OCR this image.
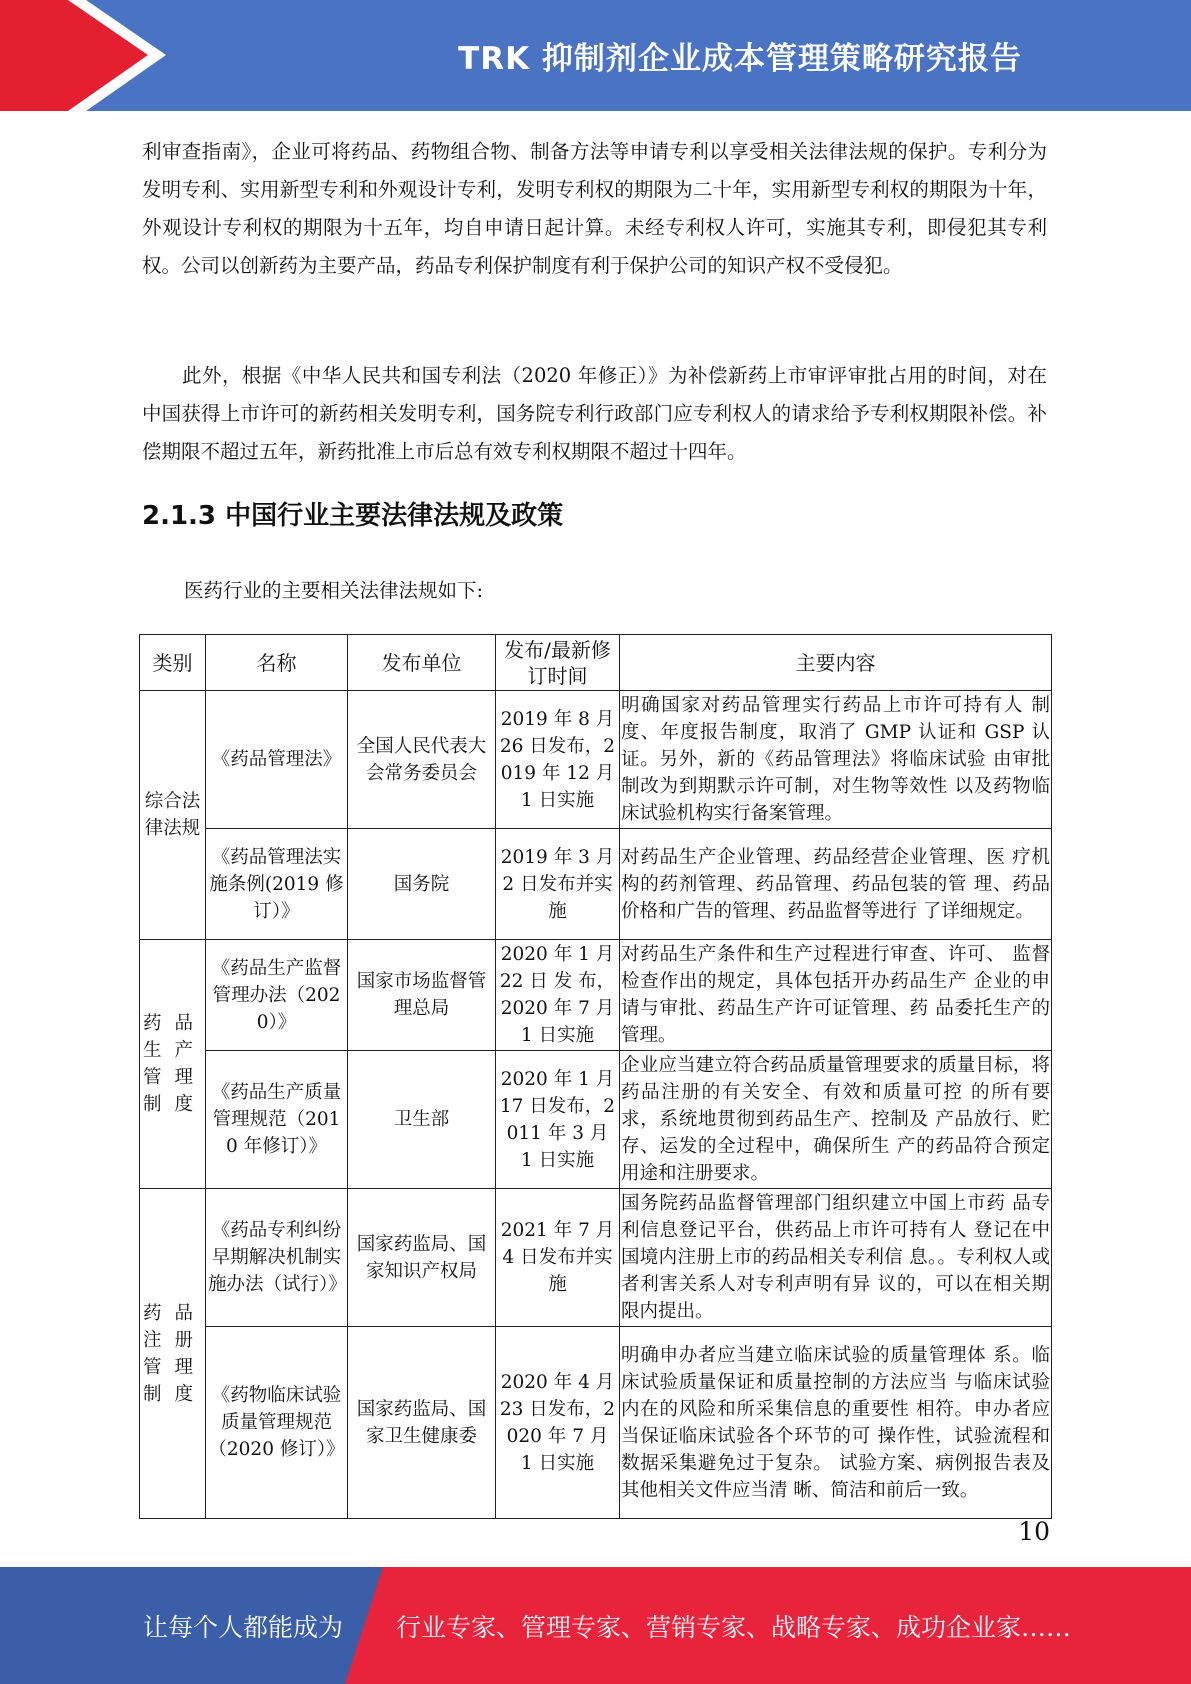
TRK 抑制剂企业成本管理策略研究报告
利审查指南》，企业可将药品、药物组合物、制备方法等申请专利以享受相关法律法规的保护。专利分为发明专利、实用新型专利和外观设计专利，发明专利权的期限为二十年，实用新型专利权的期限为十年，外观设计专利权的期限为十五年，均自申请日起计算。未经专利权人许可，实施其专利，即侵犯其专利权。公司以创新药为主要产品，药品专利保护制度有利于保护公司的知识产权不受侵犯。
此外，根据《中华人民共和国专利法（2020 年修正）》为补偿新药上市审评审批占用的时间，对在中国获得上市许可的新药相关发明专利，国务院专利行政部门应专利权人的请求给予专利权期限补偿。补偿期限不超过五年，新药批准上市后总有效专利权期限不超过十四年。
2.1.3 中国行业主要法律法规及政策
医药行业的主要相关法律法规如下:
类别	名称	发布单位	发布/最新修订时间	主要内容
综合法律法规	《药品管理法》	全国人民代表大会常务委员会	2019 年 8 月 26 日发布，2019 年 12 月 1 日实施	明确国家对药品管理实行药品上市许可持有人 制度、年度报告制度，取消了 GMP 认证和 GSP 认证。另外，新的《药品管理法》将临床试验 由审批制改为到期默示许可制，对生物等效性 以及药物临床试验机构实行备案管理。
	《药品管理法实施条例(2019 修订）》	国务院	2019 年 3 月 2 日发布并实施	对药品生产企业管理、药品经营企业管理、医 疗机构的药剂管理、药品管理、药品包装的管 理、药品价格和广告的管理、药品监督等进行 了详细规定。
药品生产管理制度	《药品生产监督管理办法（2020）》	国家市场监督管理总局	2020 年 1 月 22 日 发 布，2020 年 7 月 1 日实施	对药品生产条件和生产过程进行审查、许可、 监督检查作出的规定，具体包括开办药品生产 企业的申请与审批、药品生产许可证管理、药 品委托生产的管理。
	《药品生产质量管理规范（2010 年修订）》	卫生部	2020 年 1 月 17 日发布，2011 年 3 月 1 日实施	企业应当建立符合药品质量管理要求的质量目标，将药品注册的有关安全、有效和质量可控 的所有要求，系统地贯彻到药品生产、控制及 产品放行、贮存、运发的全过程中，确保所生 产的药品符合预定用途和注册要求。
药品注册管理制度	《药品专利纠纷早期解决机制实施办法（试行）》	国家药监局、国家知识产权局	2021 年 7 月 4 日发布并实施	国务院药品监督管理部门组织建立中国上市药 品专利信息登记平台，供药品上市许可持有人 登记在中国境内注册上市的药品相关专利信 息。。专利权人或者利害关系人对专利声明有异 议的，可以在相关期限内提出。
	《药物临床试验质量管理规范（2020 修订）》	国家药监局、国家卫生健康委	2020 年 4 月 23 日发布，2020 年 7 月 1 日实施	明确申办者应当建立临床试验的质量管理体 系。临床试验质量保证和质量控制的方法应当 与临床试验内在的风险和所采集信息的重要性 相符。申办者应当保证临床试验各个环节的可 操作性，试验流程和数据采集避免过于复杂。 试验方案、病例报告表及其他相关文件应当清 晰、简洁和前后一致。
10
让每个人都能成为 行业专家、管理专家、营销专家、战略专家、成功企业家……
